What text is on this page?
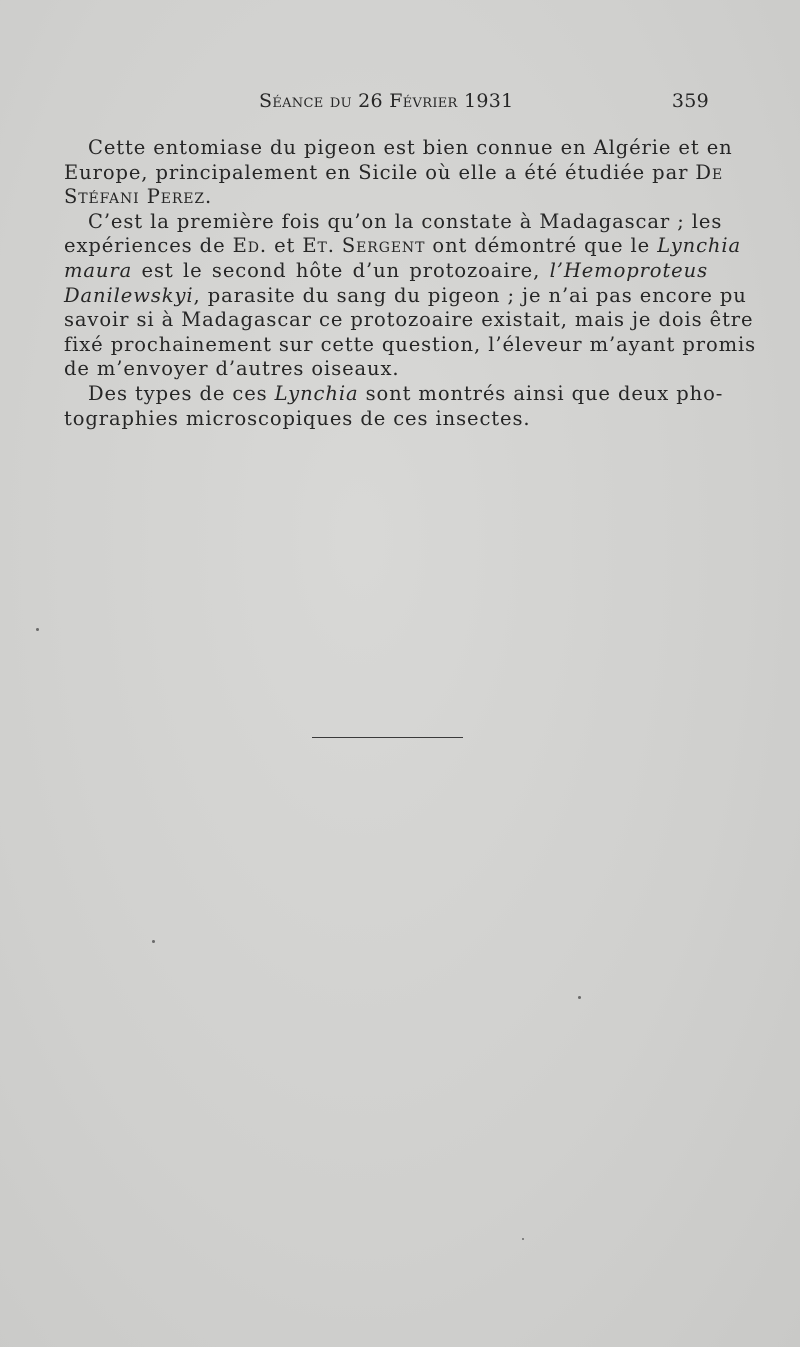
Séance du 26 Février 1931	359
Cette entomiase du pigeon est bien connue en Algérie et en
Europe, principalement en Sicile où elle a été étudiée par De
Stéfani Perez.
C’est la première fois qu’on la constate à Madagascar ; les
expériences de Ed. et Et. Sergent ont démontré que le Lynchia
maura est le second hôte d’un protozoaire, l’Hemoproteus
Danilewskyi, parasite du sang du pigeon ; je n’ai pas encore pu
savoir si à Madagascar ce protozoaire existait, mais je dois être
fixé prochainement sur cette question, l’éleveur m’ayant promis
de m’envoyer d’autres oiseaux.
Des types de ces Lynchia sont montrés ainsi que deux pho-
tographies microscopiques de ces insectes.
